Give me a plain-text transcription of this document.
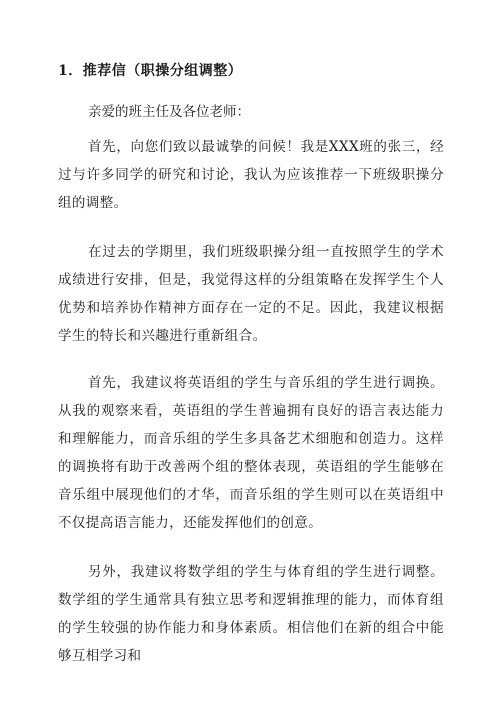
1．推荐信（职操分组调整）
亲爱的班主任及各位老师：
首先，向您们致以最诚挚的问候！我是XXX班的张三，经过与许多同学的研究和讨论，我认为应该推荐一下班级职操分组的调整。
在过去的学期里，我们班级职操分组一直按照学生的学术成绩进行安排，但是，我觉得这样的分组策略在发挥学生个人优势和培养协作精神方面存在一定的不足。因此，我建议根据学生的特长和兴趣进行重新组合。
首先，我建议将英语组的学生与音乐组的学生进行调换。从我的观察来看，英语组的学生普遍拥有良好的语言表达能力和理解能力，而音乐组的学生多具备艺术细胞和创造力。这样的调换将有助于改善两个组的整体表现，英语组的学生能够在音乐组中展现他们的才华，而音乐组的学生则可以在英语组中不仅提高语言能力，还能发挥他们的创意。
另外，我建议将数学组的学生与体育组的学生进行调整。数学组的学生通常具有独立思考和逻辑推理的能力，而体育组的学生较强的协作能力和身体素质。相信他们在新的组合中能够互相学习和
